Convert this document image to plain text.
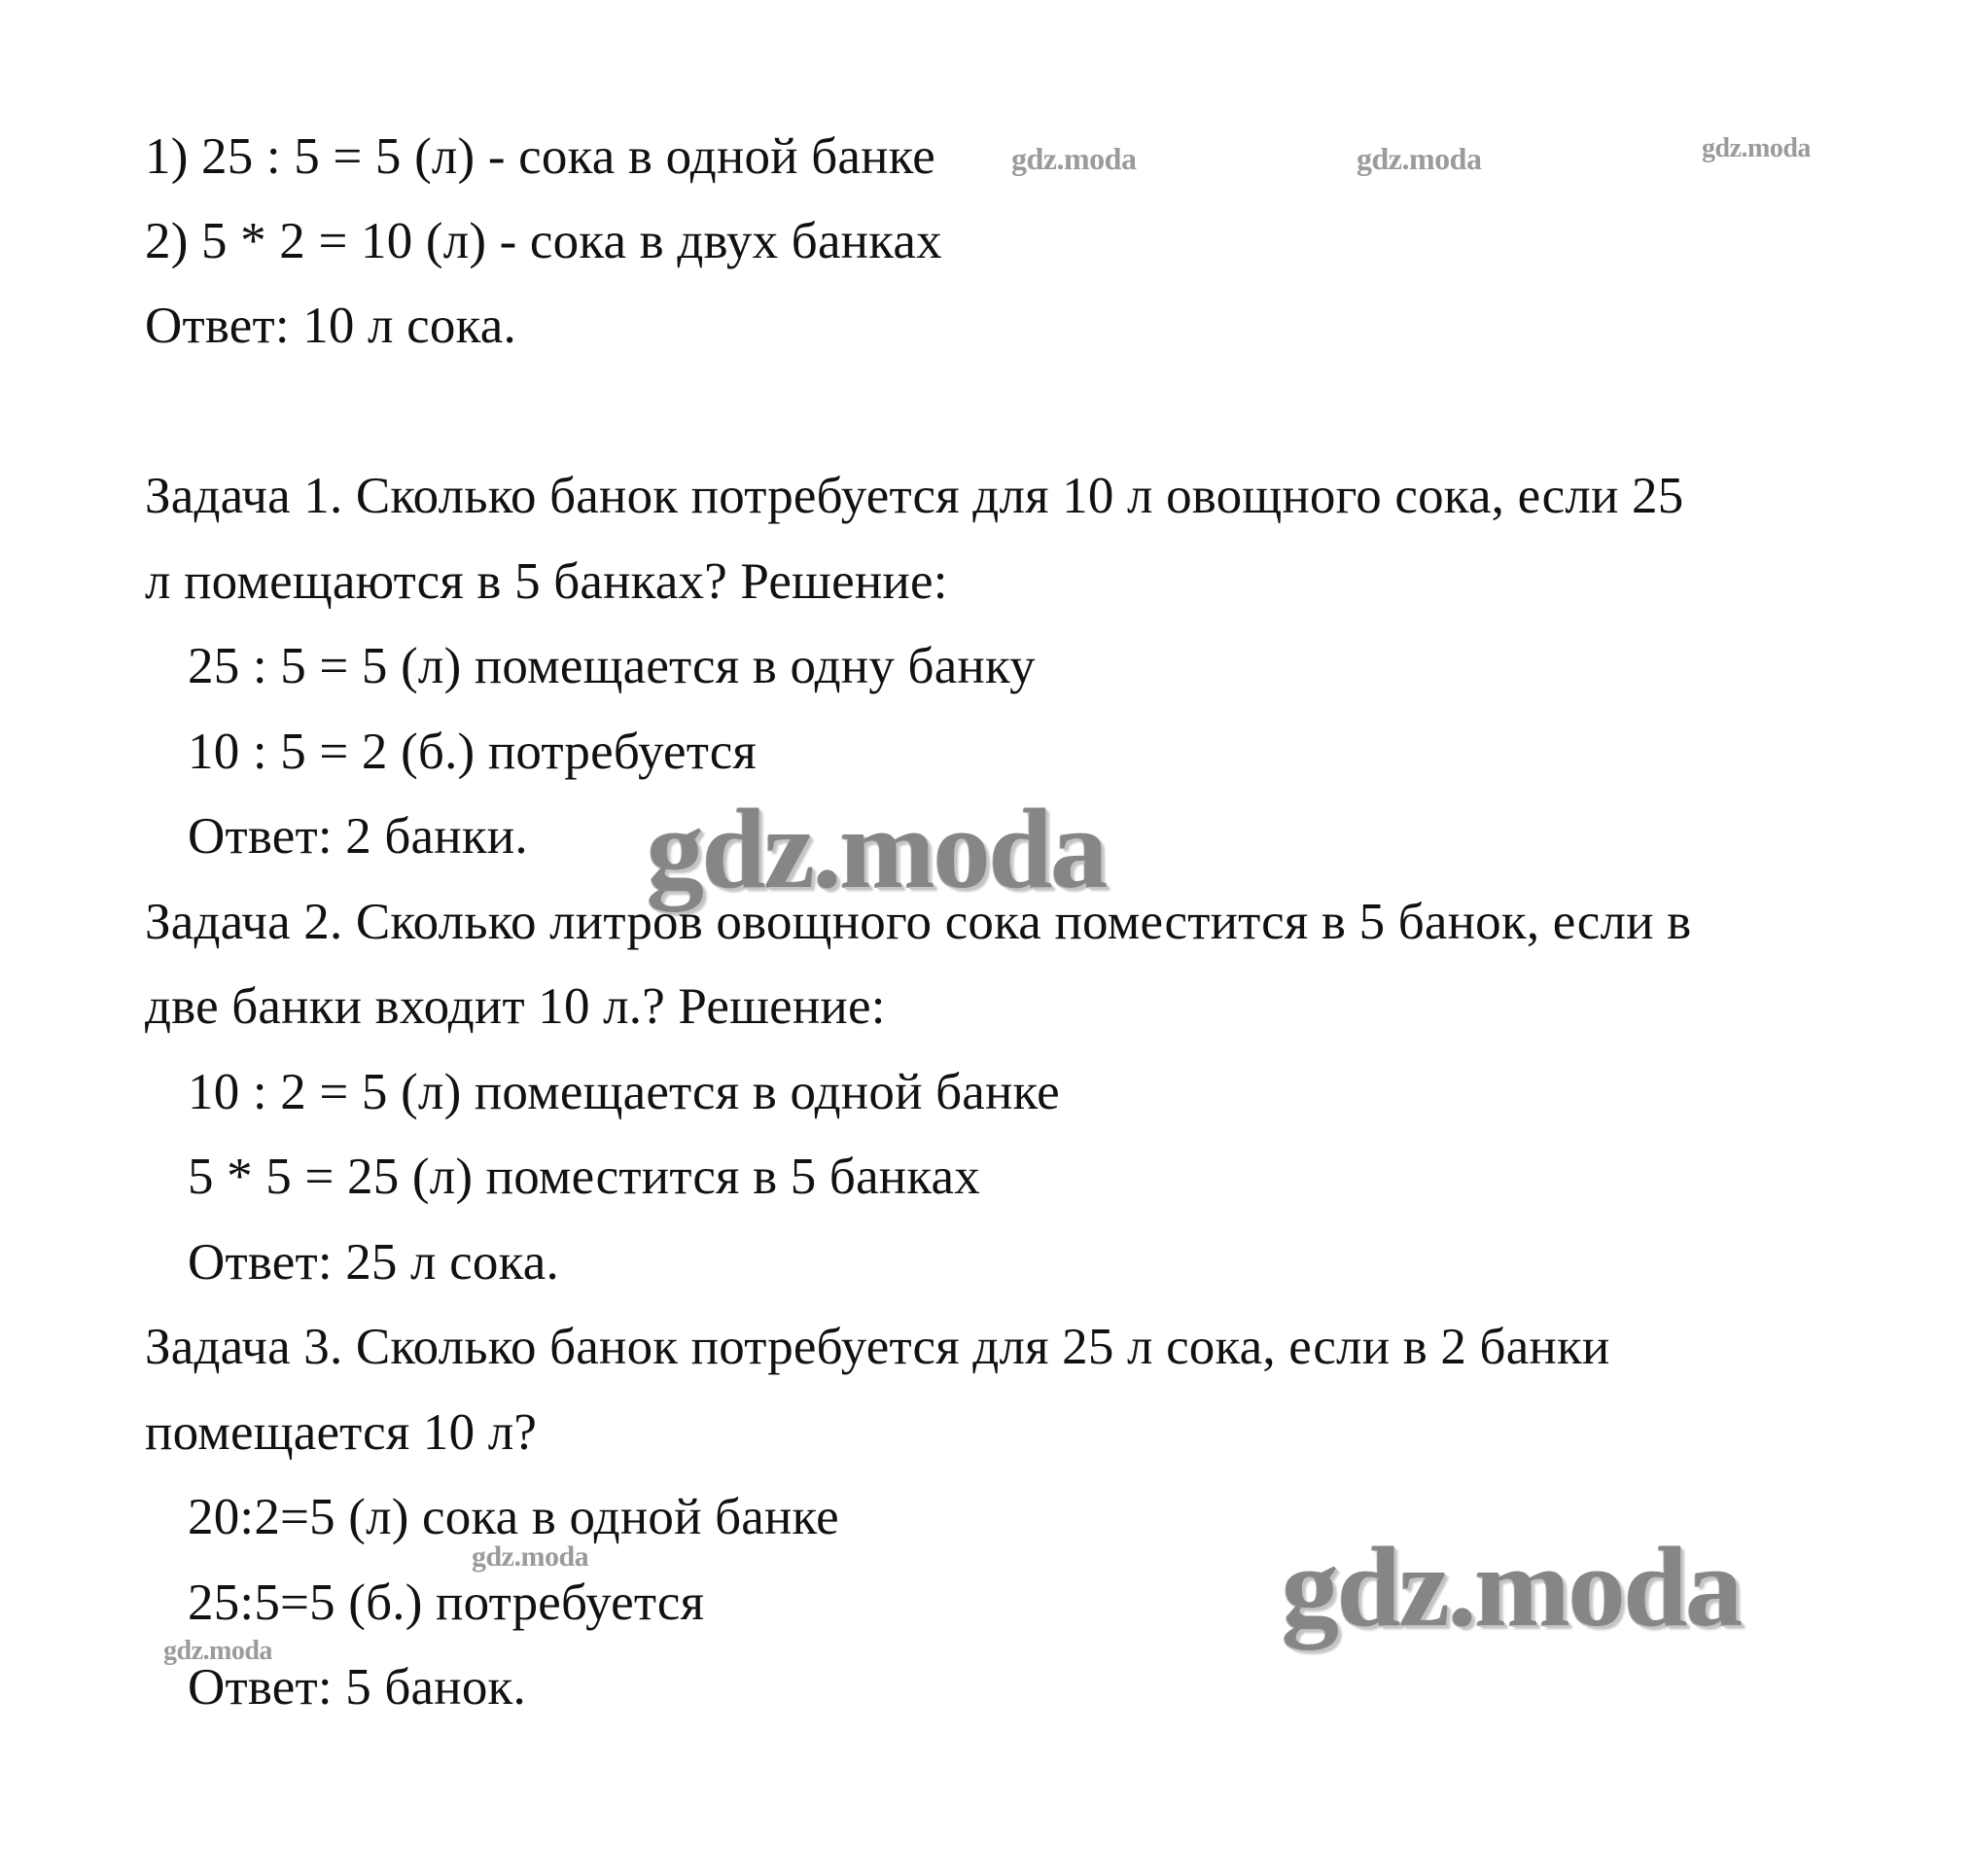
1) 25 : 5 = 5 (л) - сока в одной банке
2) 5 * 2 = 10 (л) - сока в двух банках
Ответ: 10 л сока.
Задача 1. Сколько банок потребуется для 10 л овощного сока, если 25
л помещаются в 5 банках? Решение:
25 : 5 = 5 (л) помещается в одну банку
10 : 5 = 2 (б.) потребуется
Ответ: 2 банки.
Задача 2. Сколько литров овощного сока поместится в 5 банок, если в
две банки входит 10 л.? Решение:
10 : 2 = 5 (л) помещается в одной банке
5 * 5 = 25 (л) поместится в 5 банках
Ответ: 25 л сока.
Задача 3. Сколько банок потребуется для 25 л сока, если в 2 банки
помещается 10 л?
20:2=5 (л) сока в одной банке
25:5=5 (б.) потребуется
Ответ: 5 банок.
gdz.moda	gdz.moda	gdz.moda
gdz.moda
gdz.moda
gdz.moda
gdz.moda
